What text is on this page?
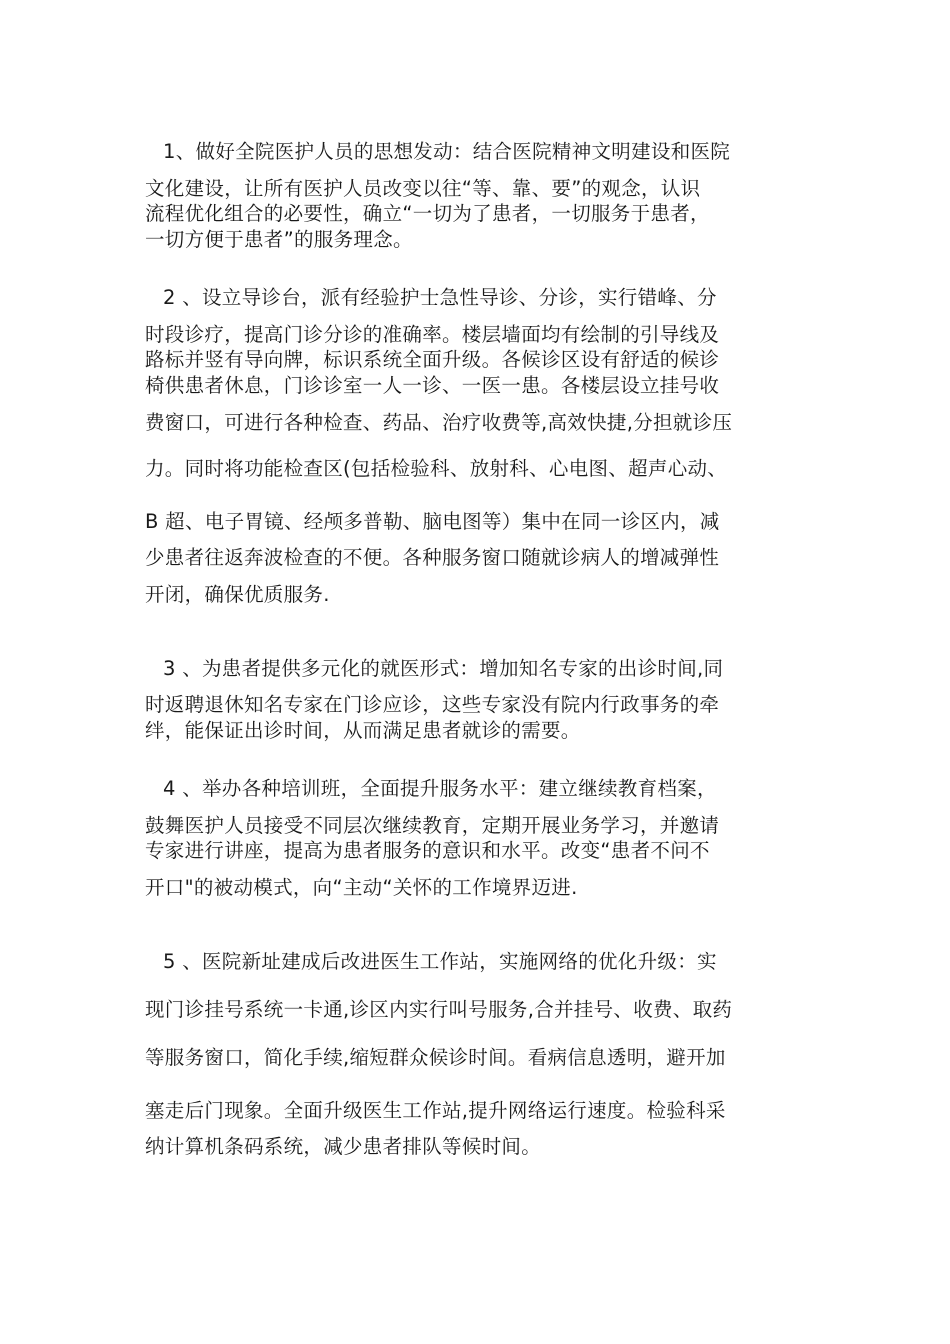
1、做好全院医护人员的思想发动：结合医院精神文明建设和医院
文化建设，让所有医护人员改变以往“等、靠、要”的观念，认识
流程优化组合的必要性，确立“一切为了患者，一切服务于患者，
一切方便于患者”的服务理念。
2 、设立导诊台，派有经验护士急性导诊、分诊，实行错峰、分
时段诊疗，提高门诊分诊的准确率。楼层墙面均有绘制的引导线及
路标并竖有导向牌，标识系统全面升级。各候诊区设有舒适的候诊
椅供患者休息，门诊诊室一人一诊、一医一患。各楼层设立挂号收
费窗口，可进行各种检查、药品、治疗收费等,高效快捷,分担就诊压
力。同时将功能检查区(包括检验科、放射科、心电图、超声心动、
B 超、电子胃镜、经颅多普勒、脑电图等）集中在同一诊区内，减
少患者往返奔波检查的不便。各种服务窗口随就诊病人的增减弹性
开闭，确保优质服务.
3 、为患者提供多元化的就医形式：增加知名专家的出诊时间,同
时返聘退休知名专家在门诊应诊，这些专家没有院内行政事务的牵
绊，能保证出诊时间，从而满足患者就诊的需要。
4 、举办各种培训班，全面提升服务水平：建立继续教育档案，
鼓舞医护人员接受不同层次继续教育，定期开展业务学习，并邀请
专家进行讲座，提高为患者服务的意识和水平。改变“患者不问不
开口"的被动模式，向“主动“关怀的工作境界迈进.
5 、医院新址建成后改进医生工作站，实施网络的优化升级：实
现门诊挂号系统一卡通,诊区内实行叫号服务,合并挂号、收费、取药
等服务窗口，简化手续,缩短群众候诊时间。看病信息透明，避开加
塞走后门现象。全面升级医生工作站,提升网络运行速度。检验科采
纳计算机条码系统，减少患者排队等候时间。
